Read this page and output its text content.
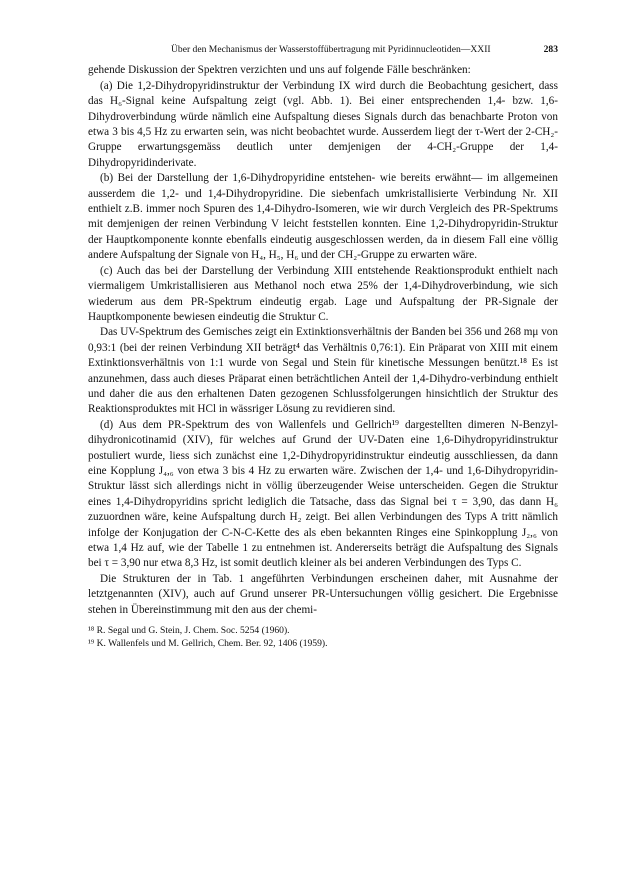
Über den Mechanismus der Wasserstoffübertragung mit Pyridinnucleotiden—XXII	283

gehende Diskussion der Spektren verzichten und uns auf folgende Fälle beschränken:

(a) Die 1,2-Dihydropyridinstruktur der Verbindung IX wird durch die Beobachtung gesichert, dass das H₆-Signal keine Aufspaltung zeigt (vgl. Abb. 1). Bei einer entsprechenden 1,4- bzw. 1,6-Dihydroverbindung würde nämlich eine Aufspaltung dieses Signals durch das benachbarte Proton von etwa 3 bis 4,5 Hz zu erwarten sein, was nicht beobachtet wurde. Ausserdem liegt der τ-Wert der 2-CH₂-Gruppe erwartungsgemäss deutlich unter demjenigen der 4-CH₂-Gruppe der 1,4-Dihydropyridinderivate.

(b) Bei der Darstellung der 1,6-Dihydropyridine entstehen- wie bereits erwähnt— im allgemeinen ausserdem die 1,2- und 1,4-Dihydropyridine. Die siebenfach umkristallisierte Verbindung Nr. XII enthielt z.B. immer noch Spuren des 1,4-Dihydro-Isomeren, wie wir durch Vergleich des PR-Spektrums mit demjenigen der reinen Verbindung V leicht feststellen konnten. Eine 1,2-Dihydropyridin-Struktur der Hauptkomponente konnte ebenfalls eindeutig ausgeschlossen werden, da in diesem Fall eine völlig andere Aufspaltung der Signale von H₄, H₅, H₆ und der CH₂-Gruppe zu erwarten wäre.

(c) Auch das bei der Darstellung der Verbindung XIII entstehende Reaktionsprodukt enthielt nach viermaligem Umkristallisieren aus Methanol noch etwa 25% der 1,4-Dihydroverbindung, wie sich wiederum aus dem PR-Spektrum eindeutig ergab. Lage und Aufspaltung der PR-Signale der Hauptkomponente bewiesen eindeutig die Struktur C.

Das UV-Spektrum des Gemisches zeigt ein Extinktionsverhältnis der Banden bei 356 und 268 mμ von 0,93:1 (bei der reinen Verbindung XII beträgt⁴ das Verhältnis 0,76:1). Ein Präparat von XIII mit einem Extinktionsverhältnis von 1:1 wurde von Segal und Stein für kinetische Messungen benützt.¹⁸ Es ist anzunehmen, dass auch dieses Präparat einen beträchtlichen Anteil der 1,4-Dihydro-verbindung enthielt und daher die aus den erhaltenen Daten gezogenen Schlussfolgerungen hinsichtlich der Struktur des Reaktionsproduktes mit HCl in wässriger Lösung zu revidieren sind.

(d) Aus dem PR-Spektrum des von Wallenfels und Gellrich¹⁹ dargestellten dimeren N-Benzyl-dihydronicotinamid (XIV), für welches auf Grund der UV-Daten eine 1,6-Dihydropyridinstruktur postuliert wurde, liess sich zunächst eine 1,2-Dihydropyridinstruktur eindeutig ausschliessen, da dann eine Kopplung J₄,₆ von etwa 3 bis 4 Hz zu erwarten wäre. Zwischen der 1,4- und 1,6-Dihydropyridin-Struktur lässt sich allerdings nicht in völlig überzeugender Weise unterscheiden. Gegen die Struktur eines 1,4-Dihydropyridins spricht lediglich die Tatsache, dass das Signal bei τ = 3,90, das dann H₆ zuzuordnen wäre, keine Aufspaltung durch H₂ zeigt. Bei allen Verbindungen des Typs A tritt nämlich infolge der Konjugation der C-N-C-Kette des als eben bekannten Ringes eine Spinkopplung J₂,₆ von etwa 1,4 Hz auf, wie der Tabelle 1 zu entnehmen ist. Andererseits beträgt die Aufspaltung des Signals bei τ = 3,90 nur etwa 8,3 Hz, ist somit deutlich kleiner als bei anderen Verbindungen des Typs C.

Die Strukturen der in Tab. 1 angeführten Verbindungen erscheinen daher, mit Ausnahme der letztgenannten (XIV), auch auf Grund unserer PR-Untersuchungen völlig gesichert. Die Ergebnisse stehen in Übereinstimmung mit den aus der chemi-

¹⁸ R. Segal und G. Stein, J. Chem. Soc. 5254 (1960).
¹⁹ K. Wallenfels und M. Gellrich, Chem. Ber. 92, 1406 (1959).
